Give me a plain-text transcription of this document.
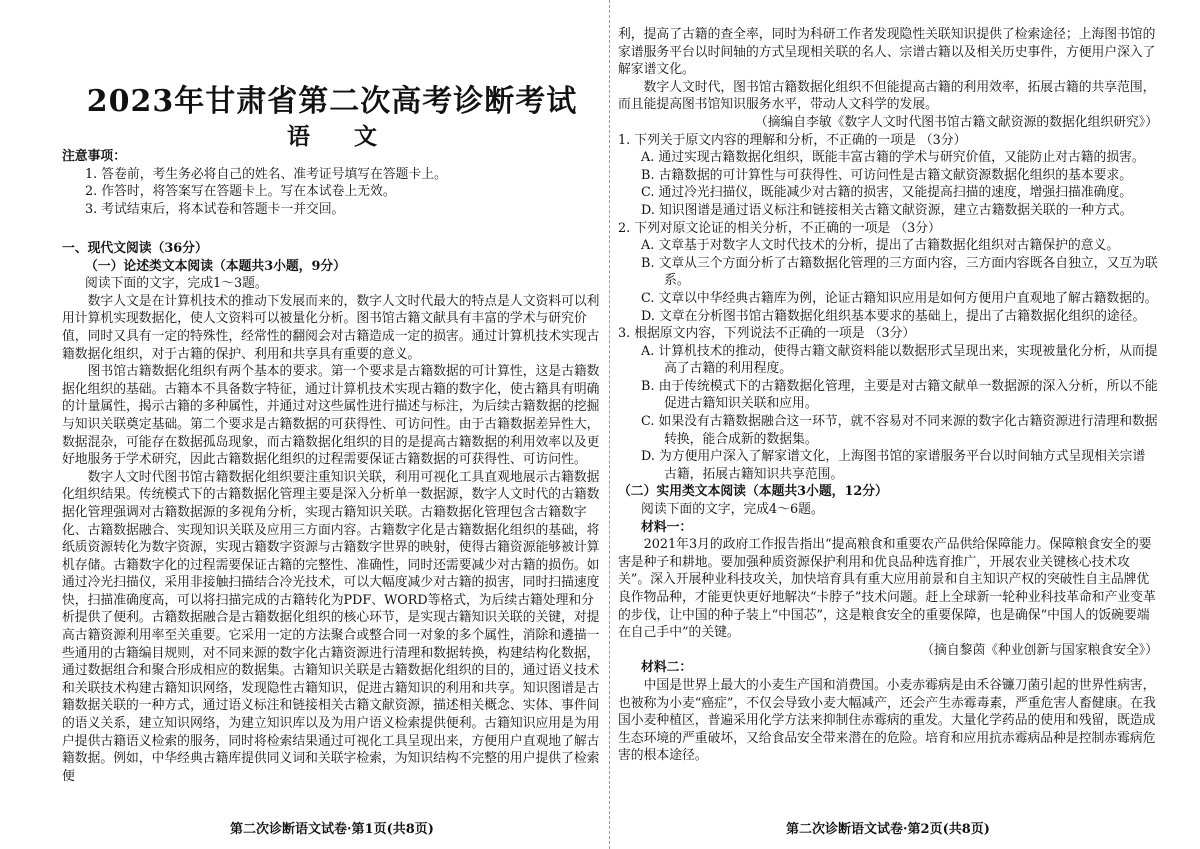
2023年甘肃省第二次高考诊断考试
语文

注意事项：

1. 答卷前，考生务必将自己的姓名、准考证号填写在答题卡上。

2. 作答时，将答案写在答题卡上。写在本试卷上无效。

3. 考试结束后，将本试卷和答题卡一并交回。

一、现代文阅读（36分）

（一）论述类文本阅读（本题共3小题，9分）

阅读下面的文字，完成1～3题。

数字人文是在计算机技术的推动下发展而来的，数字人文时代最大的特点是人文资料可以利用计算机实现数据化，使人文资料可以被量化分析。图书馆古籍文献具有丰富的学术与研究价值，同时又具有一定的特殊性，经常性的翻阅会对古籍造成一定的损害。通过计算机技术实现古籍数据化组织，对于古籍的保护、利用和共享具有重要的意义。

图书馆古籍数据化组织有两个基本的要求。第一个要求是古籍数据的可计算性，这是古籍数据化组织的基础。古籍本不具备数字特征，通过计算机技术实现古籍的数字化，使古籍具有明确的计量属性，揭示古籍的多种属性，并通过对这些属性进行描述与标注，为后续古籍数据的挖掘与知识关联奠定基础。第二个要求是古籍数据的可获得性、可访问性。由于古籍数据差异性大，数据混杂，可能存在数据孤岛现象，而古籍数据化组织的目的是提高古籍数据的利用效率以及更好地服务于学术研究，因此古籍数据化组织的过程需要保证古籍数据的可获得性、可访问性。

数字人文时代图书馆古籍数据化组织要注重知识关联，利用可视化工具直观地展示古籍数据化组织结果。传统模式下的古籍数据化管理主要是深入分析单一数据源，数字人文时代的古籍数据化管理强调对古籍数据源的多视角分析，实现古籍知识关联。古籍数据化管理包含古籍数字化、古籍数据融合、实现知识关联及应用三方面内容。古籍数字化是古籍数据化组织的基础，将纸质资源转化为数字资源，实现古籍数字资源与古籍数字世界的映射，使得古籍资源能够被计算机存储。古籍数字化的过程需要保证古籍的完整性、准确性，同时还需要减少对古籍的损伤。如通过冷光扫描仪，采用非接触扫描结合冷光技术，可以大幅度减少对古籍的损害，同时扫描速度快，扫描准确度高，可以将扫描完成的古籍转化为PDF、WORD等格式，为后续古籍处理和分析提供了便利。古籍数据融合是古籍数据化组织的核心环节，是实现古籍知识关联的关键，对提高古籍资源利用率至关重要。它采用一定的方法聚合或整合同一对象的多个属性，消除和遴描一些通用的古籍编目规则，对不同来源的数字化古籍资源进行清理和数据转换，构建结构化数据，通过数据组合和聚合形成相应的数据集。古籍知识关联是古籍数据化组织的目的，通过语义技术和关联技术构建古籍知识网络，发现隐性古籍知识，促进古籍知识的利用和共享。知识图谱是古籍数据关联的一种方式，通过语义标注和链接相关古籍文献资源，描述相关概念、实体、事件间的语义关系，建立知识网络，为建立知识库以及为用户语义检索提供便利。古籍知识应用是为用户提供古籍语义检索的服务，同时将检索结果通过可视化工具呈现出来，方便用户直观地了解古籍数据。例如，中华经典古籍库提供同义词和关联字检索，为知识结构不完整的用户提供了检索便

第二次诊断语文试卷·第1页(共8页)

利，提高了古籍的查全率，同时为科研工作者发现隐性关联知识提供了检索途径；上海图书馆的家谱服务平台以时间轴的方式呈现相关联的名人、宗谱古籍以及相关历史事件，方便用户深入了解家谱文化。

数字人文时代，图书馆古籍数据化组织不但能提高古籍的利用效率，拓展古籍的共享范围，而且能提高图书馆知识服务水平，带动人文科学的发展。

（摘编自李敏《数字人文时代图书馆古籍文献资源的数据化组织研究》）

1. 下列关于原文内容的理解和分析，不正确的一项是 （3分）

A. 通过实现古籍数据化组织，既能丰富古籍的学术与研究价值，又能防止对古籍的损害。

B. 古籍数据的可计算性与可获得性、可访问性是古籍文献资源数据化组织的基本要求。

C. 通过冷光扫描仪，既能减少对古籍的损害，又能提高扫描的速度，增强扫描准确度。

D. 知识图谱是通过语义标注和链接相关古籍文献资源，建立古籍数据关联的一种方式。

2. 下列对原文论证的相关分析，不正确的一项是 （3分）

A. 文章基于对数字人文时代技术的分析，提出了古籍数据化组织对古籍保护的意义。

B. 文章从三个方面分析了古籍数据化管理的三方面内容，三方面内容既各自独立，又互为联系。

C. 文章以中华经典古籍库为例，论证古籍知识应用是如何方便用户直观地了解古籍数据的。

D. 文章在分析图书馆古籍数据化组织基本要求的基础上，提出了古籍数据化组织的途径。

3. 根据原文内容，下列说法不正确的一项是 （3分）

A. 计算机技术的推动，使得古籍文献资料能以数据形式呈现出来，实现被量化分析，从而提高了古籍的利用程度。

B. 由于传统模式下的古籍数据化管理，主要是对古籍文献单一数据源的深入分析，所以不能促进古籍知识关联和应用。

C. 如果没有古籍数据融合这一环节，就不容易对不同来源的数字化古籍资源进行清理和数据转换，能合成新的数据集。

D. 为方便用户深入了解家谱文化，上海图书馆的家谱服务平台以时间轴方式呈现相关宗谱古籍，拓展古籍知识共享范围。

（二）实用类文本阅读（本题共3小题，12分）

阅读下面的文字，完成4～6题。

材料一：

2021年3月的政府工作报告指出“提高粮食和重要农产品供给保障能力。保障粮食安全的要害是种子和耕地。要加强种质资源保护利用和优良品种选育推广，开展农业关键核心技术攻关”。深入开展种业科技攻关，加快培育具有重大应用前景和自主知识产权的突破性自主品牌优良作物品种，才能更快更好地解决“卡脖子”技术问题。赶上全球新一轮种业科技革命和产业变革的步伐，让中国的种子装上“中国芯”，这是粮食安全的重要保障，也是确保“中国人的饭碗要端在自己手中”的关键。

（摘自黎茵《种业创新与国家粮食安全》）

材料二：

中国是世界上最大的小麦生产国和消费国。小麦赤霉病是由禾谷镰刀菌引起的世界性病害，也被称为小麦“癌症”，不仅会导致小麦大幅减产，还会产生赤霉毒素，严重危害人畜健康。在我国小麦种植区，普遍采用化学方法来抑制住赤霉病的重发。大量化学药品的使用和残留，既造成生态环境的严重破坏，又给食品安全带来潜在的危险。培育和应用抗赤霉病品种是控制赤霉病危害的根本途径。

第二次诊断语文试卷·第2页(共8页)
